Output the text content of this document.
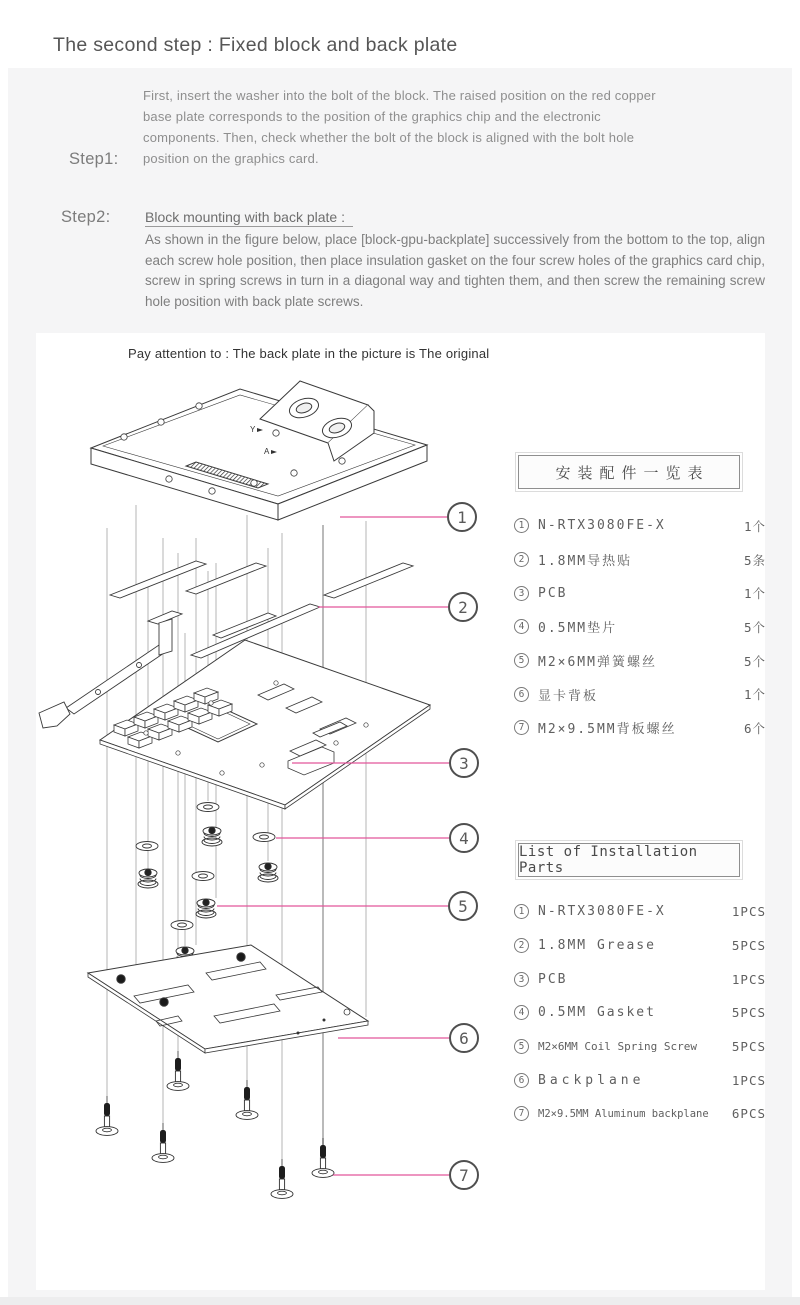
The second step : Fixed block and back plate
Step1:
First, insert the washer into the bolt of the block. The raised position on the red copper base plate corresponds to the position of the graphics chip and the electronic components. Then, check whether the bolt of the block is aligned with the bolt hole position on the graphics card.
Step2: Block mounting with back plate :
As shown in the figure below, place [block-gpu-backplate] successively from the bottom to the top, align each screw hole position, then place insulation gasket on the four screw holes of the graphics card chip, screw in spring screws in turn in a diagonal way and tighten them, and then screw the remaining screw hole position with back plate screws.
Pay attention to : The back plate in the picture is The original
Y
A
1
2
3
4
5
6
7
安装配件一览表
1	N-RTX3080FE-X	1个
2	1.8MM导热贴	5条
3	PCB	1个
4	0.5MM垫片	5个
5	M2×6MM弹簧螺丝	5个
6	显卡背板	1个
7	M2×9.5MM背板螺丝	6个
List of Installation Parts
1	N-RTX3080FE-X	1PCS
2	1.8MM Grease	5PCS
3	PCB	1PCS
4	0.5MM Gasket	5PCS
5	M2×6MM Coil Spring Screw	5PCS
6	Backplane	1PCS
7	M2×9.5MM Aluminum backplane	6PCS
